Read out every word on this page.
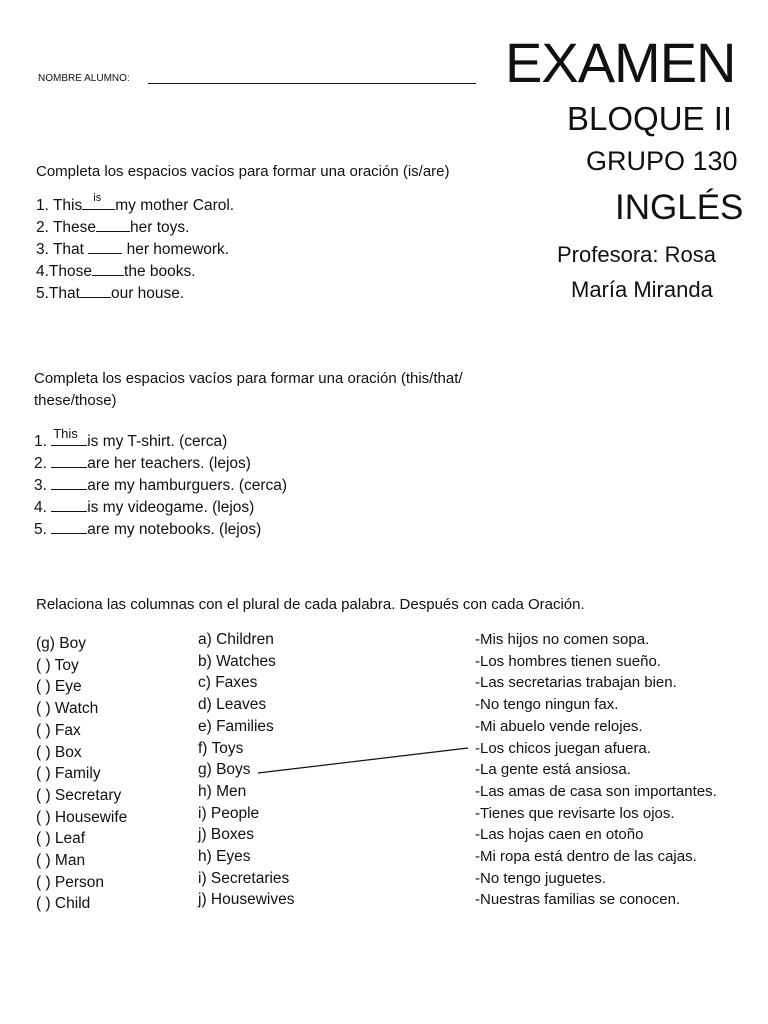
NOMBRE ALUMNO:	EXAMEN
BLOQUE II
GRUPO 130
INGLÉS
Profesora: Rosa
María Miranda
Completa los espacios vacíos para formar una oración (is/are)
1. This is my mother Carol.
2. These her toys.
3. That  her homework.
4.Those the books.
5.That our house.
Completa los espacios vacíos para formar una oración (this/that/
these/those)
1. This is my T-shirt. (cerca)
2. are her teachers. (lejos)
3. are my hamburguers. (cerca)
4. is my videogame. (lejos)
5. are my notebooks. (lejos)
Relaciona las columnas con el plural de cada palabra. Después con cada Oración.
(g) Boy
( ) Toy
( ) Eye
( ) Watch
( ) Fax
( ) Box
( ) Family
( ) Secretary
( ) Housewife
( ) Leaf
( ) Man
( ) Person
( ) Child
a) Children
b) Watches
c) Faxes
d) Leaves
e) Families
f) Toys
g) Boys
h) Men
i) People
j) Boxes
h) Eyes
i) Secretaries
j) Housewives
-Mis hijos no comen sopa.
-Los hombres tienen sueño.
-Las secretarias trabajan bien.
-No tengo ningun fax.
-Mi abuelo vende relojes.
-Los chicos juegan afuera.
-La gente está ansiosa.
-Las amas de casa son importantes.
-Tienes que revisarte los ojos.
-Las hojas caen en otoño
-Mi ropa está dentro de las cajas.
-No tengo juguetes.
-Nuestras familias se conocen.
